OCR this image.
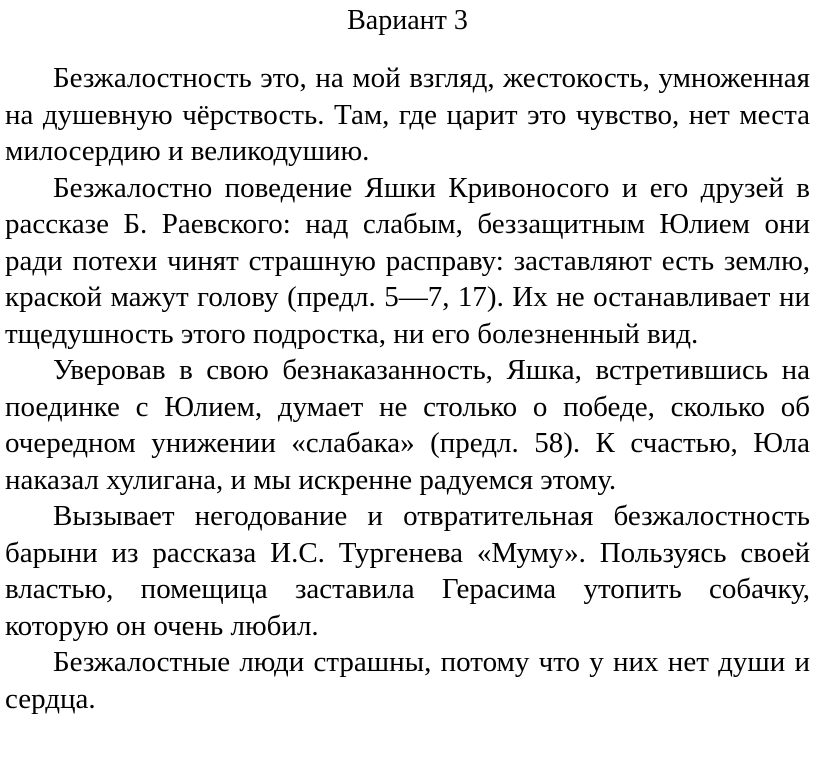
Вариант 3

Безжалостность это, на мой взгляд, жестокость, умноженная на душевную чёрствость. Там, где царит это чувство, нет места милосердию и великодушию.

Безжалостно поведение Яшки Кривоносого и его друзей в рассказе Б. Раевского: над слабым, беззащитным Юлием они ради потехи чинят страшную расправу: заставляют есть землю, краской мажут голову (предл. 5—7, 17). Их не останавливает ни тщедушность этого подростка, ни его болезненный вид.

Уверовав в свою безнаказанность, Яшка, встретившись на поединке с Юлием, думает не столько о победе, сколько об очередном унижении «слабака» (предл. 58). К счастью, Юла наказал хулигана, и мы искренне радуемся этому.

Вызывает негодование и отвратительная безжалостность барыни из рассказа И.С. Тургенева «Муму». Пользуясь своей властью, помещица заставила Герасима утопить собачку, которую он очень любил.

Безжалостные люди страшны, потому что у них нет души и сердца.
